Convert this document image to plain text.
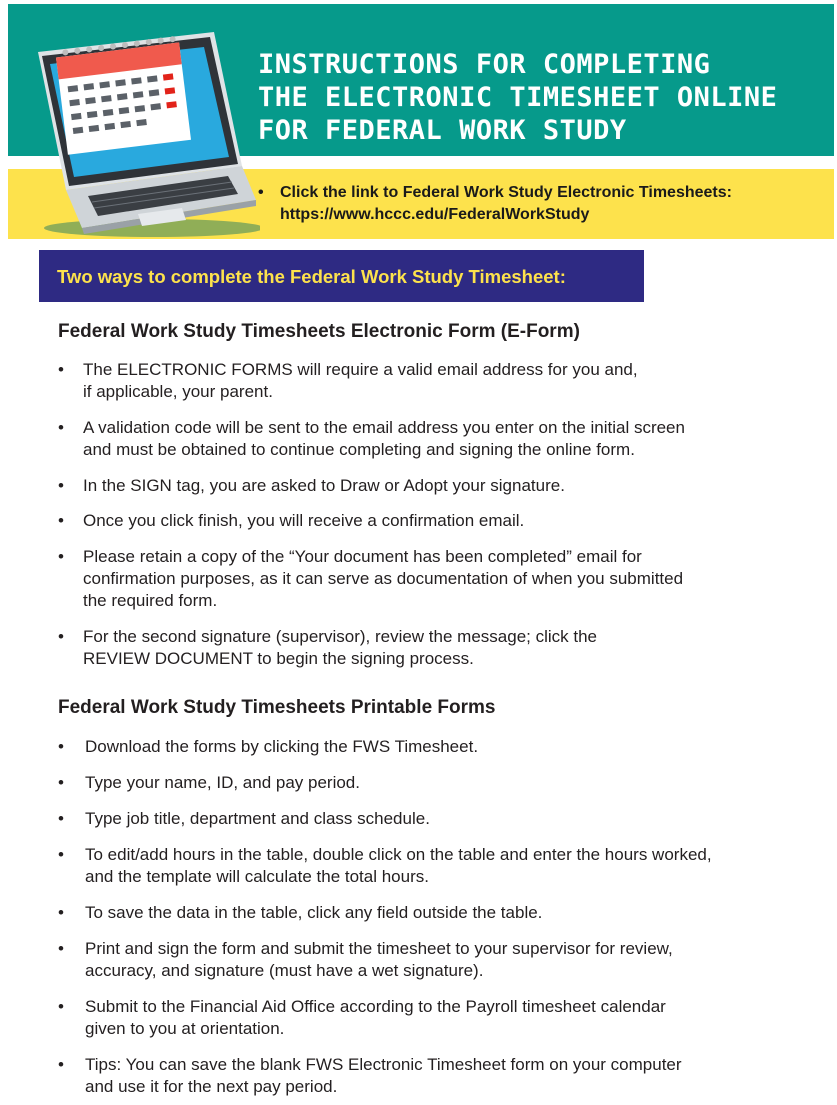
INSTRUCTIONS FOR COMPLETING
THE ELECTRONIC TIMESHEET ONLINE
FOR FEDERAL WORK STUDY
•	Click the link to Federal Work Study Electronic Timesheets:
https://www.hccc.edu/FederalWorkStudy
Two ways to complete the Federal Work Study Timesheet:
Federal Work Study Timesheets Electronic Form (E-Form)
• The ELECTRONIC FORMS will require a valid email address for you and,
if applicable, your parent.
• A validation code will be sent to the email address you enter on the initial screen
and must be obtained to continue completing and signing the online form.
• In the SIGN tag, you are asked to Draw or Adopt your signature.
• Once you click finish, you will receive a confirmation email.
• Please retain a copy of the “Your document has been completed” email for
confirmation purposes, as it can serve as documentation of when you submitted
the required form.
• For the second signature (supervisor), review the message; click the
REVIEW DOCUMENT to begin the signing process.
Federal Work Study Timesheets Printable Forms
• Download the forms by clicking the FWS Timesheet.
• Type your name, ID, and pay period.
• Type job title, department and class schedule.
• To edit/add hours in the table, double click on the table and enter the hours worked,
and the template will calculate the total hours.
• To save the data in the table, click any field outside the table.
• Print and sign the form and submit the timesheet to your supervisor for review,
accuracy, and signature (must have a wet signature).
• Submit to the Financial Aid Office according to the Payroll timesheet calendar
given to you at orientation.
• Tips: You can save the blank FWS Electronic Timesheet form on your computer
and use it for the next pay period.
